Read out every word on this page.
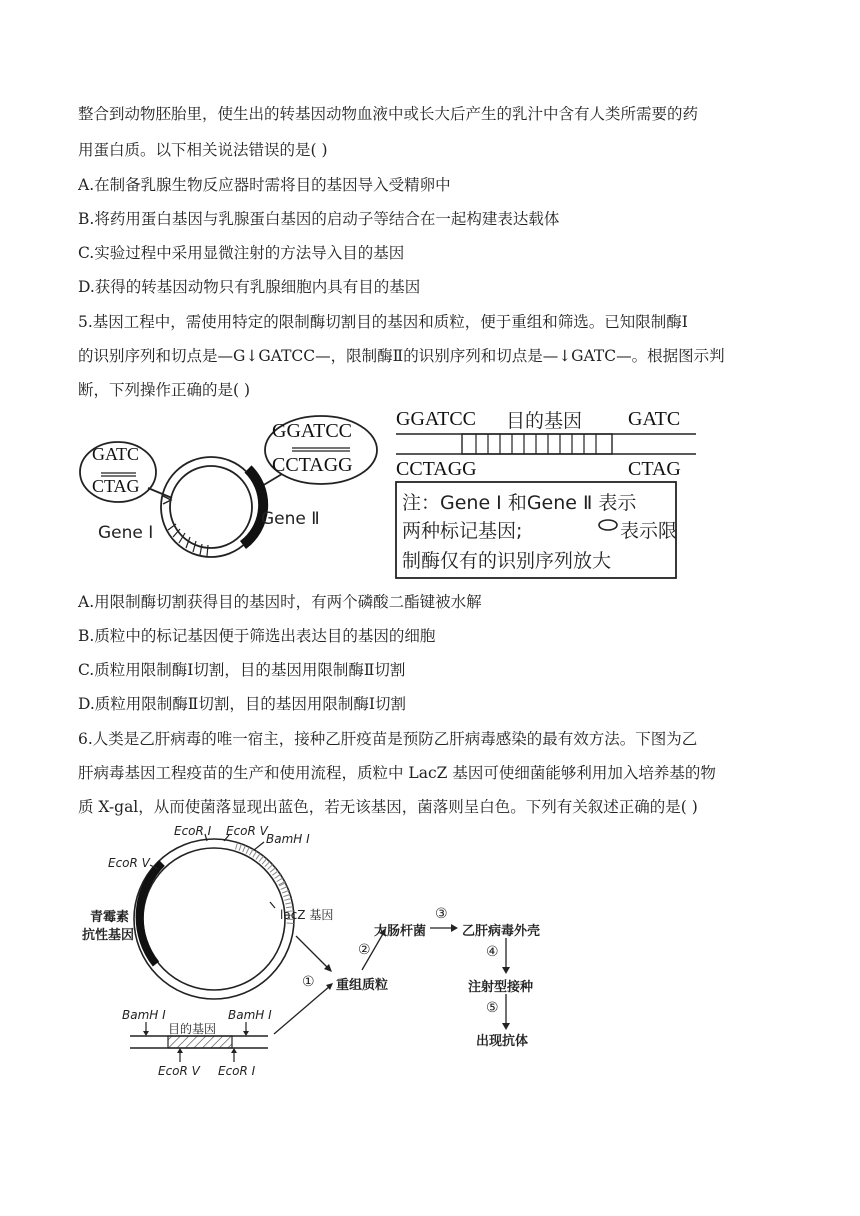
整合到动物胚胎里，使生出的转基因动物血液中或长大后产生的乳汁中含有人类所需要的药
用蛋白质。以下相关说法错误的是( )
A.在制备乳腺生物反应器时需将目的基因导入受精卵中
B.将药用蛋白基因与乳腺蛋白基因的启动子等结合在一起构建表达载体
C.实验过程中采用显微注射的方法导入目的基因
D.获得的转基因动物只有乳腺细胞内具有目的基因
5.基因工程中，需使用特定的限制酶切割目的基因和质粒，便于重组和筛选。已知限制酶Ⅰ
的识别序列和切点是—G↓GATCC—，限制酶Ⅱ的识别序列和切点是—↓GATC—。根据图示判
断，下列操作正确的是( )
GATC
CTAG
GGATCC
CCTAGG
Gene Ⅰ
Gene Ⅱ
GGATCC 目的基因 GATC
CCTAGG	CTAG
注：Gene Ⅰ 和Gene Ⅱ 表示
两种标记基因;	表示限
制酶仅有的识别序列放大
A.用限制酶切割获得目的基因时，有两个磷酸二酯键被水解
B.质粒中的标记基因便于筛选出表达目的基因的细胞
C.质粒用限制酶Ⅰ切割，目的基因用限制酶Ⅱ切割
D.质粒用限制酶Ⅱ切割，目的基因用限制酶Ⅰ切割
6.人类是乙肝病毒的唯一宿主，接种乙肝疫苗是预防乙肝病毒感染的最有效方法。下图为乙
肝病毒基因工程疫苗的生产和使用流程，质粒中 LacZ 基因可使细菌能够利用加入培养基的物
质 X-gal，从而使菌落显现出蓝色，若无该基因，菌落则呈白色。下列有关叙述正确的是( )
EcoR Ⅰ EcoR Ⅴ
EcoR Ⅴ
BamH Ⅰ
lacZ 基因
青霉素
抗性基因
目的基因
BamH Ⅰ	BamH Ⅰ
EcoR Ⅴ EcoR Ⅰ
①
②
③
④
⑤
重组质粒
大肠杆菌	乙肝病毒外壳
注射型接种
出现抗体
